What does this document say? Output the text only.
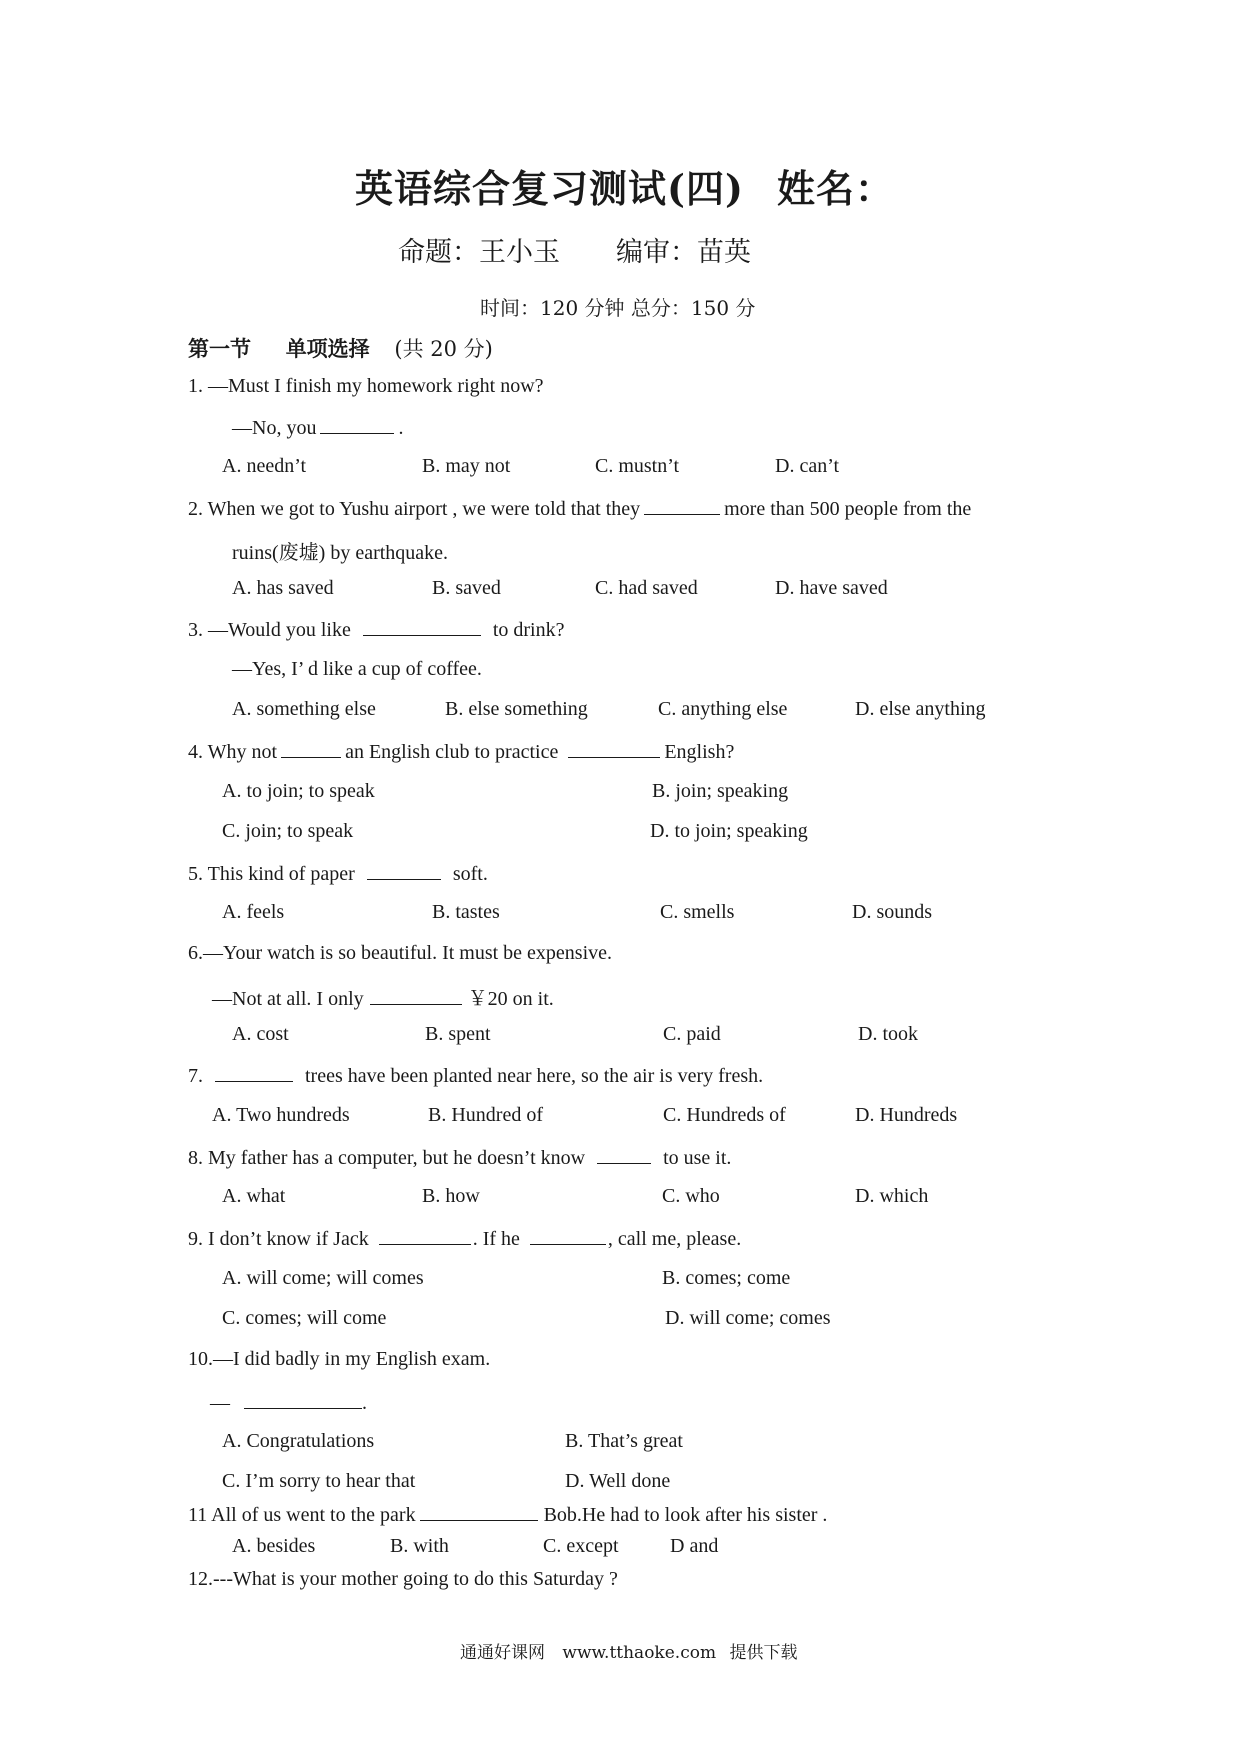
英语综合复习测试(四) 姓名：
命题：王小玉 编审：苗英
时间：120 分钟 总分：150 分
第一节 单项选择 (共 20 分)
1. —Must I finish my homework right now?
—No, you	.
A. needn’t	B. may not	C. mustn’t	D. can’t
2. When we got to Yushu airport , we were told that they	more than 500 people from the
ruins(废墟) by earthquake.
A. has saved	B. saved	C. had saved	D. have saved
3. —Would you like	to drink?
—Yes, I’ d like a cup of coffee.
A. something else	B. else something	C. anything else	D. else anything
4. Why not	an English club to practice	English?
A. to join; to speak	B. join; speaking
C. join; to speak	D. to join; speaking
5. This kind of paper	soft.
A. feels	B. tastes	C. smells	D. sounds
6.—Your watch is so beautiful. It must be expensive.
—Not at all. I only	￥20 on it.
A. cost	B. spent	C. paid	D. took
7.	trees have been planted near here, so the air is very fresh.
A. Two hundreds	B. Hundred of	C. Hundreds of	D. Hundreds
8. My father has a computer, but he doesn’t know	to use it.
A. what	B. how	C. who	D. which
9. I don’t know if Jack	. If he	, call me, please.
A. will come; will comes	B. comes; come
C. comes; will come	D. will come; comes
10.—I did badly in my English exam.
—	.
A. Congratulations	B. That’s great
C. I’m sorry to hear that	D. Well done
11 All of us went to the park	Bob.He had to look after his sister .
A. besides	B. with	C. except	D and
12.---What is your mother going to do this Saturday ?
通通好课网 www.tthaoke.com 提供下载
